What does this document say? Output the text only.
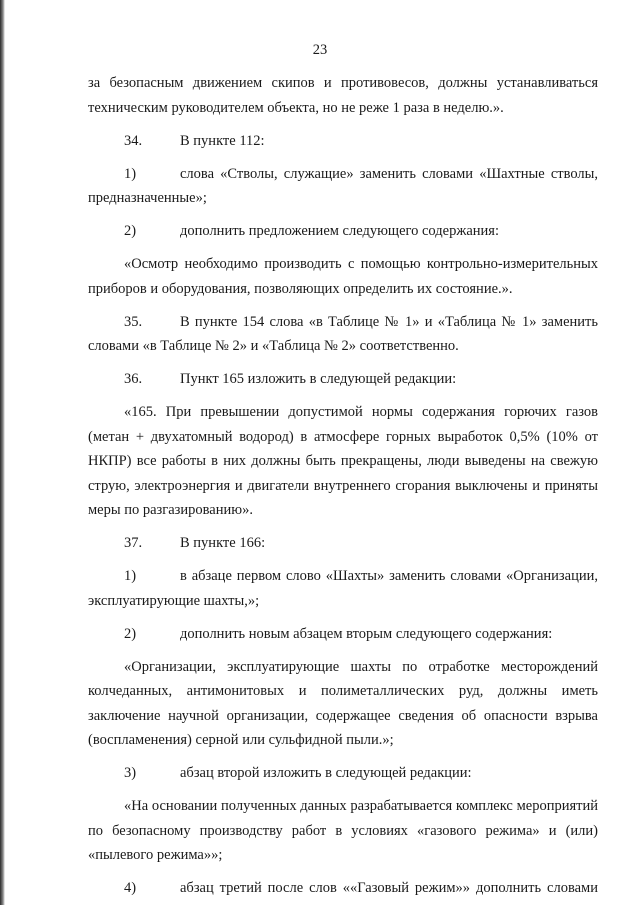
23

за безопасным движением скипов и противовесов, должны устанавливаться техническим руководителем объекта, но не реже 1 раза в неделю.».

34.	В пункте 112:

1)	слова «Стволы, служащие» заменить словами «Шахтные стволы, предназначенные»;

2)	дополнить предложением следующего содержания:

«Осмотр необходимо производить с помощью контрольно-измерительных приборов и оборудования, позволяющих определить их состояние.».

35.	В пункте 154 слова «в Таблице № 1» и «Таблица № 1» заменить словами «в Таблице № 2» и «Таблица № 2» соответственно.

36.	Пункт 165 изложить в следующей редакции:

«165. При превышении допустимой нормы содержания горючих газов (метан + двухатомный водород) в атмосфере горных выработок 0,5% (10% от НКПР) все работы в них должны быть прекращены, люди выведены на свежую струю, электроэнергия и двигатели внутреннего сгорания выключены и приняты меры по разгазированию».

37.	В пункте 166:

1)	в абзаце первом слово «Шахты» заменить словами «Организации, эксплуатирующие шахты,»;

2)	дополнить новым абзацем вторым следующего содержания:

«Организации, эксплуатирующие шахты по отработке месторождений колчеданных, антимонитовых и полиметаллических руд, должны иметь заключение научной организации, содержащее сведения об опасности взрыва (воспламенения) серной или сульфидной пыли.»;

3)	абзац второй изложить в следующей редакции:

«На основании полученных данных разрабатывается комплекс мероприятий по безопасному производству работ в условиях «газового режима» и (или) «пылевого режима»»;

4)	абзац третий после слов ««Газовый режим»» дополнить словами
